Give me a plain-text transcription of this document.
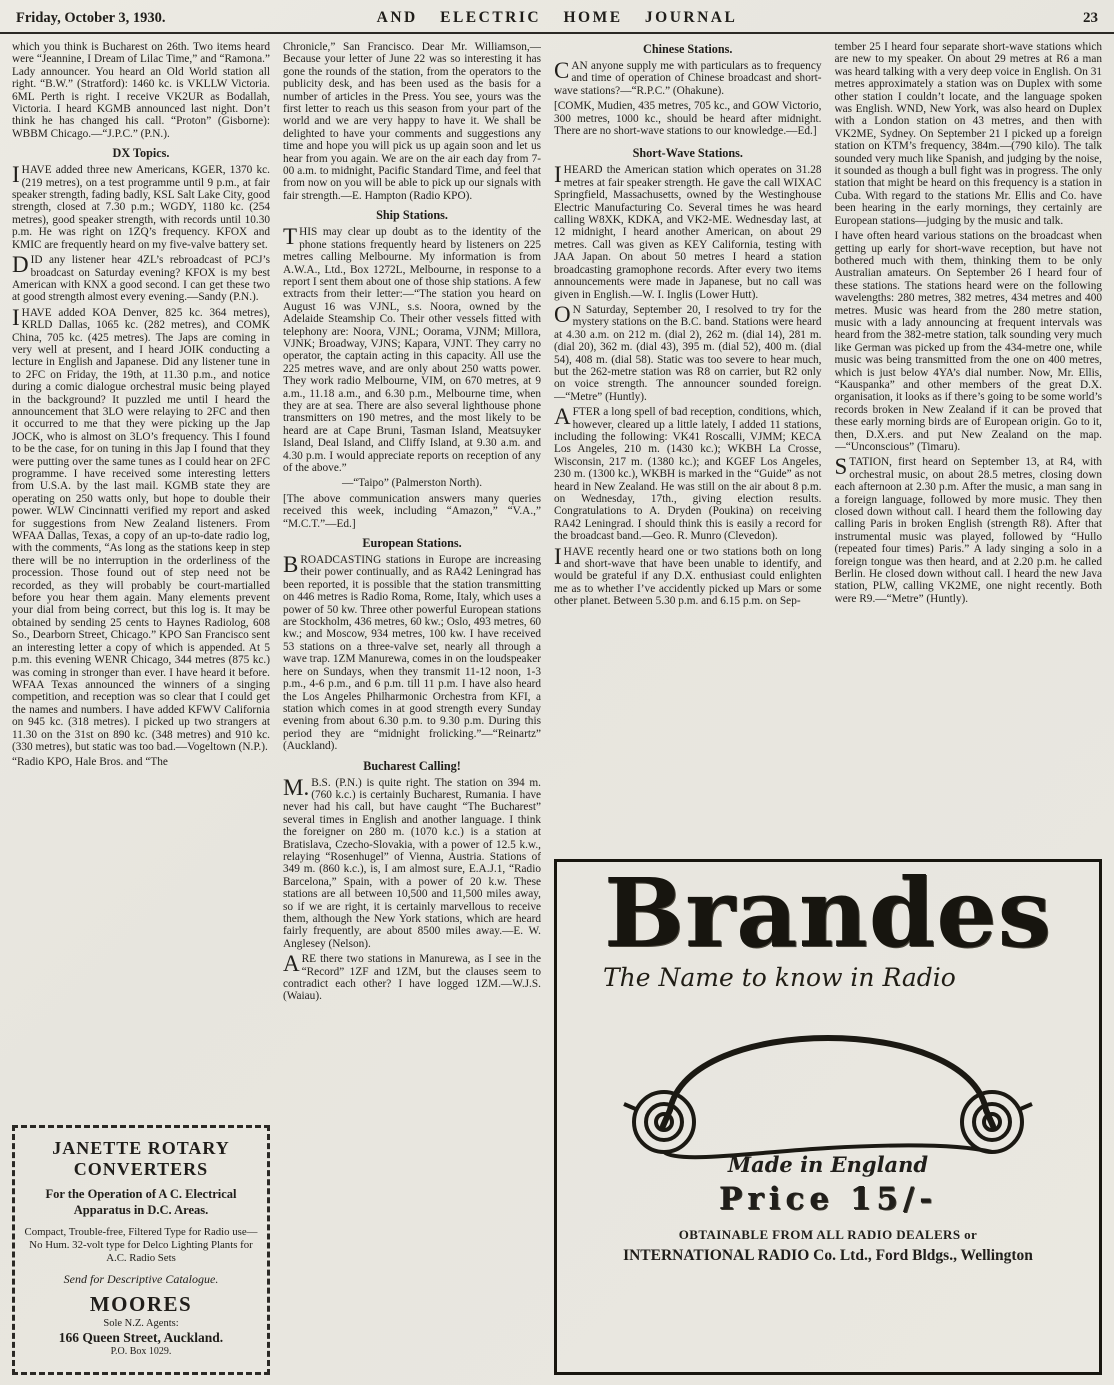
Friday, October 3, 1930.	AND ELECTRIC HOME JOURNAL	23

which you think is Bucharest on 26th. Two items heard were “Jeannine, I Dream of Lilac Time,” and “Ramona.” Lady announcer. You heard an Old World station all right. “B.W.” (Stratford): 1460 kc. is VKLLW Victoria. 6ML Perth is right. I receive VK2UR as Bodallah, Victoria. I heard KGMB announced last night. Don’t think he has changed his call. “Proton” (Gisborne): WBBM Chicago.—“J.P.C.” (P.N.).

DX Topics.

IHAVE added three new Americans, KGER, 1370 kc. (219 metres), on a test programme until 9 p.m., at fair speaker strength, fading badly, KSL Salt Lake City, good strength, closed at 7.30 p.m.; WGDY, 1180 kc. (254 metres), good speaker strength, with records until 10.30 p.m. He was right on 1ZQ’s frequency. KFOX and KMIC are frequently heard on my five-valve battery set.

DID any listener hear 4ZL’s rebroadcast of PCJ’s broadcast on Saturday evening? KFOX is my best American with KNX a good second. I can get these two at good strength almost every evening.—Sandy (P.N.).

IHAVE added KOA Denver, 825 kc. 364 metres), KRLD Dallas, 1065 kc. (282 metres), and COMK China, 705 kc. (425 metres). The Japs are coming in very well at present, and I heard JOIK conducting a lecture in English and Japanese. Did any listener tune in to 2FC on Friday, the 19th, at 11.30 p.m., and notice during a comic dialogue orchestral music being played in the background? It puzzled me until I heard the announcement that 3LO were relaying to 2FC and then it occurred to me that they were picking up the Jap JOCK, who is almost on 3LO’s frequency. This I found to be the case, for on tuning in this Jap I found that they were putting over the same tunes as I could hear on 2FC programme. I have received some interesting letters from U.S.A. by the last mail. KGMB state they are operating on 250 watts only, but hope to double their power. WLW Cincinnatti verified my report and asked for suggestions from New Zealand listeners. From WFAA Dallas, Texas, a copy of an up-to-date radio log, with the comments, “As long as the stations keep in step there will be no interruption in the orderliness of the procession. Those found out of step need not be recorded, as they will probably be court-martialled before you hear them again. Many elements prevent your dial from being correct, but this log is. It may be obtained by sending 25 cents to Haynes Radiolog, 608 So., Dearborn Street, Chicago.” KPO San Francisco sent an interesting letter a copy of which is appended. At 5 p.m. this evening WENR Chicago, 344 metres (875 kc.) was coming in stronger than ever. I have heard it before. WFAA Texas announced the winners of a singing competition, and reception was so clear that I could get the names and numbers. I have added KFWV California on 945 kc. (318 metres). I picked up two strangers at 11.30 on the 31st on 890 kc. (348 metres) and 910 kc. (330 metres), but static was too bad.—Vogeltown (N.P.).

“Radio KPO, Hale Bros. and “The

JANETTE ROTARY
CONVERTERS
For the Operation of A C. Electrical Apparatus in D.C. Areas.
Compact, Trouble-free, Filtered Type for Radio use—No Hum. 32-volt type for Delco Lighting Plants for A.C. Radio Sets
Send for Descriptive Catalogue.
MOORES
Sole N.Z. Agents:
166 Queen Street, Auckland.
P.O. Box 1029.

Chronicle,” San Francisco. Dear Mr. Williamson,—Because your letter of June 22 was so interesting it has gone the rounds of the station, from the operators to the publicity desk, and has been used as the basis for a number of articles in the Press. You see, yours was the first letter to reach us this season from your part of the world and we are very happy to have it. We shall be delighted to have your comments and suggestions any time and hope you will pick us up again soon and let us hear from you again. We are on the air each day from 7-00 a.m. to midnight, Pacific Standard Time, and feel that from now on you will be able to pick up our signals with fair strength.—E. Hampton (Radio KPO).

Ship Stations.

THIS may clear up doubt as to the identity of the phone stations frequently heard by listeners on 225 metres calling Melbourne. My information is from A.W.A., Ltd., Box 1272L, Melbourne, in response to a report I sent them about one of those ship stations. A few extracts from their letter:—“The station you heard on August 16 was VJNL, s.s. Noora, owned by the Adelaide Steamship Co. Their other vessels fitted with telephony are: Noora, VJNL; Oorama, VJNM; Millora, VJNK; Broadway, VJNS; Kapara, VJNT. They carry no operator, the captain acting in this capacity. All use the 225 metres wave, and are only about 250 watts power. They work radio Melbourne, VIM, on 670 metres, at 9 a.m., 11.18 a.m., and 6.30 p.m., Melbourne time, when they are at sea. There are also several lighthouse phone transmitters on 190 metres, and the most likely to be heard are at Cape Bruni, Tasman Island, Meatsuyker Island, Deal Island, and Cliffy Island, at 9.30 a.m. and 4.30 p.m. I would appreciate reports on reception of any of the above.”

—“Taipo” (Palmerston North).

[The above communication answers many queries received this week, including “Amazon,” “V.A.,” “M.C.T.”—Ed.]

European Stations.

BROADCASTING stations in Europe are increasing their power continually, and as RA42 Leningrad has been reported, it is possible that the station transmitting on 446 metres is Radio Roma, Rome, Italy, which uses a power of 50 kw. Three other powerful European stations are Stockholm, 436 metres, 60 kw.; Oslo, 493 metres, 60 kw.; and Moscow, 934 metres, 100 kw. I have received 53 stations on a three-valve set, nearly all through a wave trap. 1ZM Manurewa, comes in on the loudspeaker here on Sundays, when they transmit 11-12 noon, 1-3 p.m., 4-6 p.m., and 6 p.m. till 11 p.m. I have also heard the Los Angeles Philharmonic Orchestra from KFI, a station which comes in at good strength every Sunday evening from about 6.30 p.m. to 9.30 p.m. During this period they are “midnight frolicking.”—“Reinartz” (Auckland).

Bucharest Calling!

M.B.S. (P.N.) is quite right. The station on 394 m. (760 k.c.) is certainly Bucharest, Rumania. I have never had his call, but have caught “The Bucharest” several times in English and another language. I think the foreigner on 280 m. (1070 k.c.) is a station at Bratislava, Czecho-Slovakia, with a power of 12.5 k.w., relaying “Rosenhugel” of Vienna, Austria. Stations of 349 m. (860 k.c.), is, I am almost sure, E.A.J.1, “Radio Barcelona,” Spain, with a power of 20 k.w. These stations are all between 10,500 and 11,500 miles away, so if we are right, it is certainly marvellous to receive them, although the New York stations, which are heard fairly frequently, are about 8500 miles away.—E. W. Anglesey (Nelson).

ARE there two stations in Manurewa, as I see in the “Record” 1ZF and 1ZM, but the clauses seem to contradict each other? I have logged 1ZM.—W.J.S. (Waiau).

Chinese Stations.

CAN anyone supply me with particulars as to frequency and time of operation of Chinese broadcast and short-wave stations?—“R.P.C.” (Ohakune).

[COMK, Mudien, 435 metres, 705 kc., and GOW Victorio, 300 metres, 1000 kc., should be heard after midnight. There are no short-wave stations to our knowledge.—Ed.]

Short-Wave Stations.

IHEARD the American station which operates on 31.28 metres at fair speaker strength. He gave the call WIXAC Springfield, Massachusetts, owned by the Westinghouse Electric Manufacturing Co. Several times he was heard calling W8XK, KDKA, and VK2-ME. Wednesday last, at 12 midnight, I heard another American, on about 29 metres. Call was given as KEY California, testing with JAA Japan. On about 50 metres I heard a station broadcasting gramophone records. After every two items announcements were made in Japanese, but no call was given in English.—W. I. Inglis (Lower Hutt).

ON Saturday, September 20, I resolved to try for the mystery stations on the B.C. band. Stations were heard at 4.30 a.m. on 212 m. (dial 2), 262 m. (dial 14), 281 m. (dial 20), 362 m. (dial 43), 395 m. (dial 52), 400 m. (dial 54), 408 m. (dial 58). Static was too severe to hear much, but the 262-metre station was R8 on carrier, but R2 only on voice strength. The announcer sounded foreign.—“Metre” (Huntly).

AFTER a long spell of bad reception, conditions, which, however, cleared up a little lately, I added 11 stations, including the following: VK41 Roscalli, VJMM; KECA Los Angeles, 210 m. (1430 kc.); WKBH La Crosse, Wisconsin, 217 m. (1380 kc.); and KGEF Los Angeles, 230 m. (1300 kc.), WKBH is marked in the “Guide” as not heard in New Zealand. He was still on the air about 8 p.m. on Wednesday, 17th., giving election results. Congratulations to A. Dryden (Poukina) on receiving RA42 Leningrad. I should think this is easily a record for the broadcast band.—Geo. R. Munro (Clevedon).

IHAVE recently heard one or two stations both on long and short-wave that have been unable to identify, and would be grateful if any D.X. enthusiast could enlighten me as to whether I’ve accidently picked up Mars or some other planet. Between 5.30 p.m. and 6.15 p.m. on Sep-

tember 25 I heard four separate short-wave stations which are new to my speaker. On about 29 metres at R6 a man was heard talking with a very deep voice in English. On 31 metres approximately a station was on Duplex with some other station I couldn’t locate, and the language spoken was English. WND, New York, was also heard on Duplex with a London station on 43 metres, and then with VK2ME, Sydney. On September 21 I picked up a foreign station on KTM’s frequency, 384m.—(790 kilo). The talk sounded very much like Spanish, and judging by the noise, it sounded as though a bull fight was in progress. The only station that might be heard on this frequency is a station in Cuba. With regard to the stations Mr. Ellis and Co. have been hearing in the early mornings, they certainly are European stations—judging by the music and talk.

I have often heard various stations on the broadcast when getting up early for short-wave reception, but have not bothered much with them, thinking them to be only Australian amateurs. On September 26 I heard four of these stations. The stations heard were on the following wavelengths: 280 metres, 382 metres, 434 metres and 400 metres. Music was heard from the 280 metre station, music with a lady announcing at frequent intervals was heard from the 382-metre station, talk sounding very much like German was picked up from the 434-metre one, while music was being transmitted from the one on 400 metres, which is just below 4YA’s dial number. Now, Mr. Ellis, “Kauspanka” and other members of the great D.X. organisation, it looks as if there’s going to be some world’s records broken in New Zealand if it can be proved that these early morning birds are of European origin. Go to it, then, D.X.ers. and put New Zealand on the map.—“Unconscious” (Timaru).

STATION, first heard on September 13, at R4, with orchestral music, on about 28.5 metres, closing down each afternoon at 2.30 p.m. After the music, a man sang in a foreign language, followed by more music. They then closed down without call. I heard them the following day calling Paris in broken English (strength R8). After that instrumental music was played, followed by “Hullo (repeated four times) Paris.” A lady singing a solo in a foreign tongue was then heard, and at 2.20 p.m. he called Berlin. He closed down without call. I heard the new Java station, PLW, calling VK2ME, one night recently. Both were R9.—“Metre” (Huntly).

Brandes
The Name to know in Radio
Made in England
Price 15/-
OBTAINABLE FROM ALL RADIO DEALERS or
INTERNATIONAL RADIO Co. Ltd., Ford Bldgs., Wellington
